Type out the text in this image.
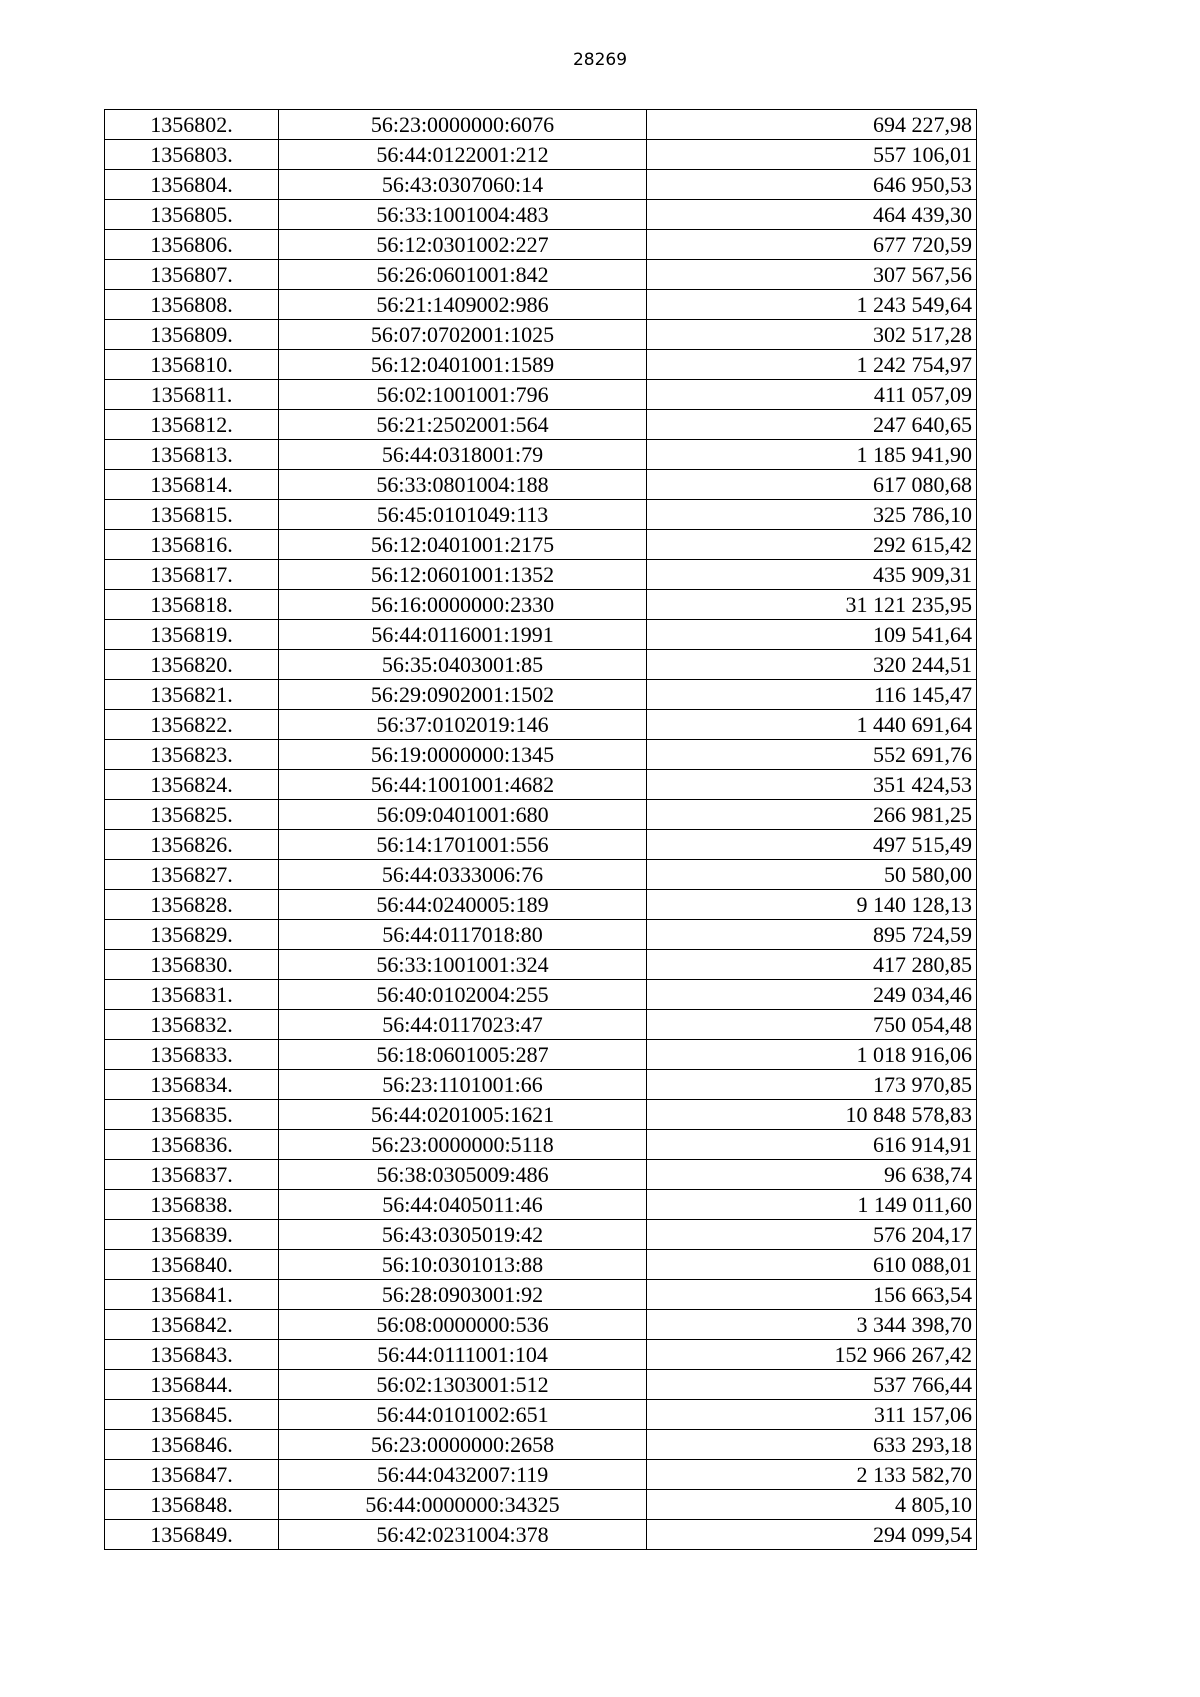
28269
1356802.	56:23:0000000:6076	694 227,98
1356803.	56:44:0122001:212	557 106,01
1356804.	56:43:0307060:14	646 950,53
1356805.	56:33:1001004:483	464 439,30
1356806.	56:12:0301002:227	677 720,59
1356807.	56:26:0601001:842	307 567,56
1356808.	56:21:1409002:986	1 243 549,64
1356809.	56:07:0702001:1025	302 517,28
1356810.	56:12:0401001:1589	1 242 754,97
1356811.	56:02:1001001:796	411 057,09
1356812.	56:21:2502001:564	247 640,65
1356813.	56:44:0318001:79	1 185 941,90
1356814.	56:33:0801004:188	617 080,68
1356815.	56:45:0101049:113	325 786,10
1356816.	56:12:0401001:2175	292 615,42
1356817.	56:12:0601001:1352	435 909,31
1356818.	56:16:0000000:2330	31 121 235,95
1356819.	56:44:0116001:1991	109 541,64
1356820.	56:35:0403001:85	320 244,51
1356821.	56:29:0902001:1502	116 145,47
1356822.	56:37:0102019:146	1 440 691,64
1356823.	56:19:0000000:1345	552 691,76
1356824.	56:44:1001001:4682	351 424,53
1356825.	56:09:0401001:680	266 981,25
1356826.	56:14:1701001:556	497 515,49
1356827.	56:44:0333006:76	50 580,00
1356828.	56:44:0240005:189	9 140 128,13
1356829.	56:44:0117018:80	895 724,59
1356830.	56:33:1001001:324	417 280,85
1356831.	56:40:0102004:255	249 034,46
1356832.	56:44:0117023:47	750 054,48
1356833.	56:18:0601005:287	1 018 916,06
1356834.	56:23:1101001:66	173 970,85
1356835.	56:44:0201005:1621	10 848 578,83
1356836.	56:23:0000000:5118	616 914,91
1356837.	56:38:0305009:486	96 638,74
1356838.	56:44:0405011:46	1 149 011,60
1356839.	56:43:0305019:42	576 204,17
1356840.	56:10:0301013:88	610 088,01
1356841.	56:28:0903001:92	156 663,54
1356842.	56:08:0000000:536	3 344 398,70
1356843.	56:44:0111001:104	152 966 267,42
1356844.	56:02:1303001:512	537 766,44
1356845.	56:44:0101002:651	311 157,06
1356846.	56:23:0000000:2658	633 293,18
1356847.	56:44:0432007:119	2 133 582,70
1356848.	56:44:0000000:34325	4 805,10
1356849.	56:42:0231004:378	294 099,54
